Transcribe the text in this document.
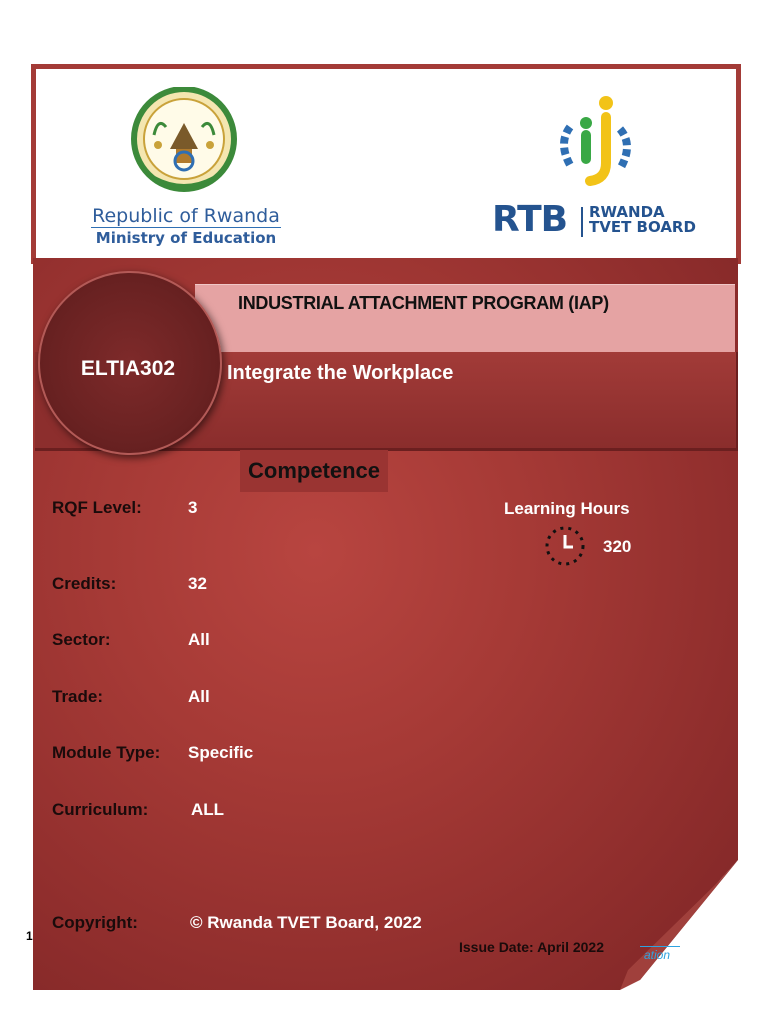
Republic of Rwanda
Ministry of Education	RTB RWANDA
TVET BOARD
INDUSTRIAL ATTACHMENT PROGRAM (IAP)
Integrate the Workplace
ELTIA302
Competence
RQF Level:	3
Credits:	32
Sector:	All
Trade:	All
Module Type: Specific
Curriculum:	ALL
Learning Hours
320
Copyright:	© Rwanda TVET Board, 2022
Issue Date: April 2022
1
ation
